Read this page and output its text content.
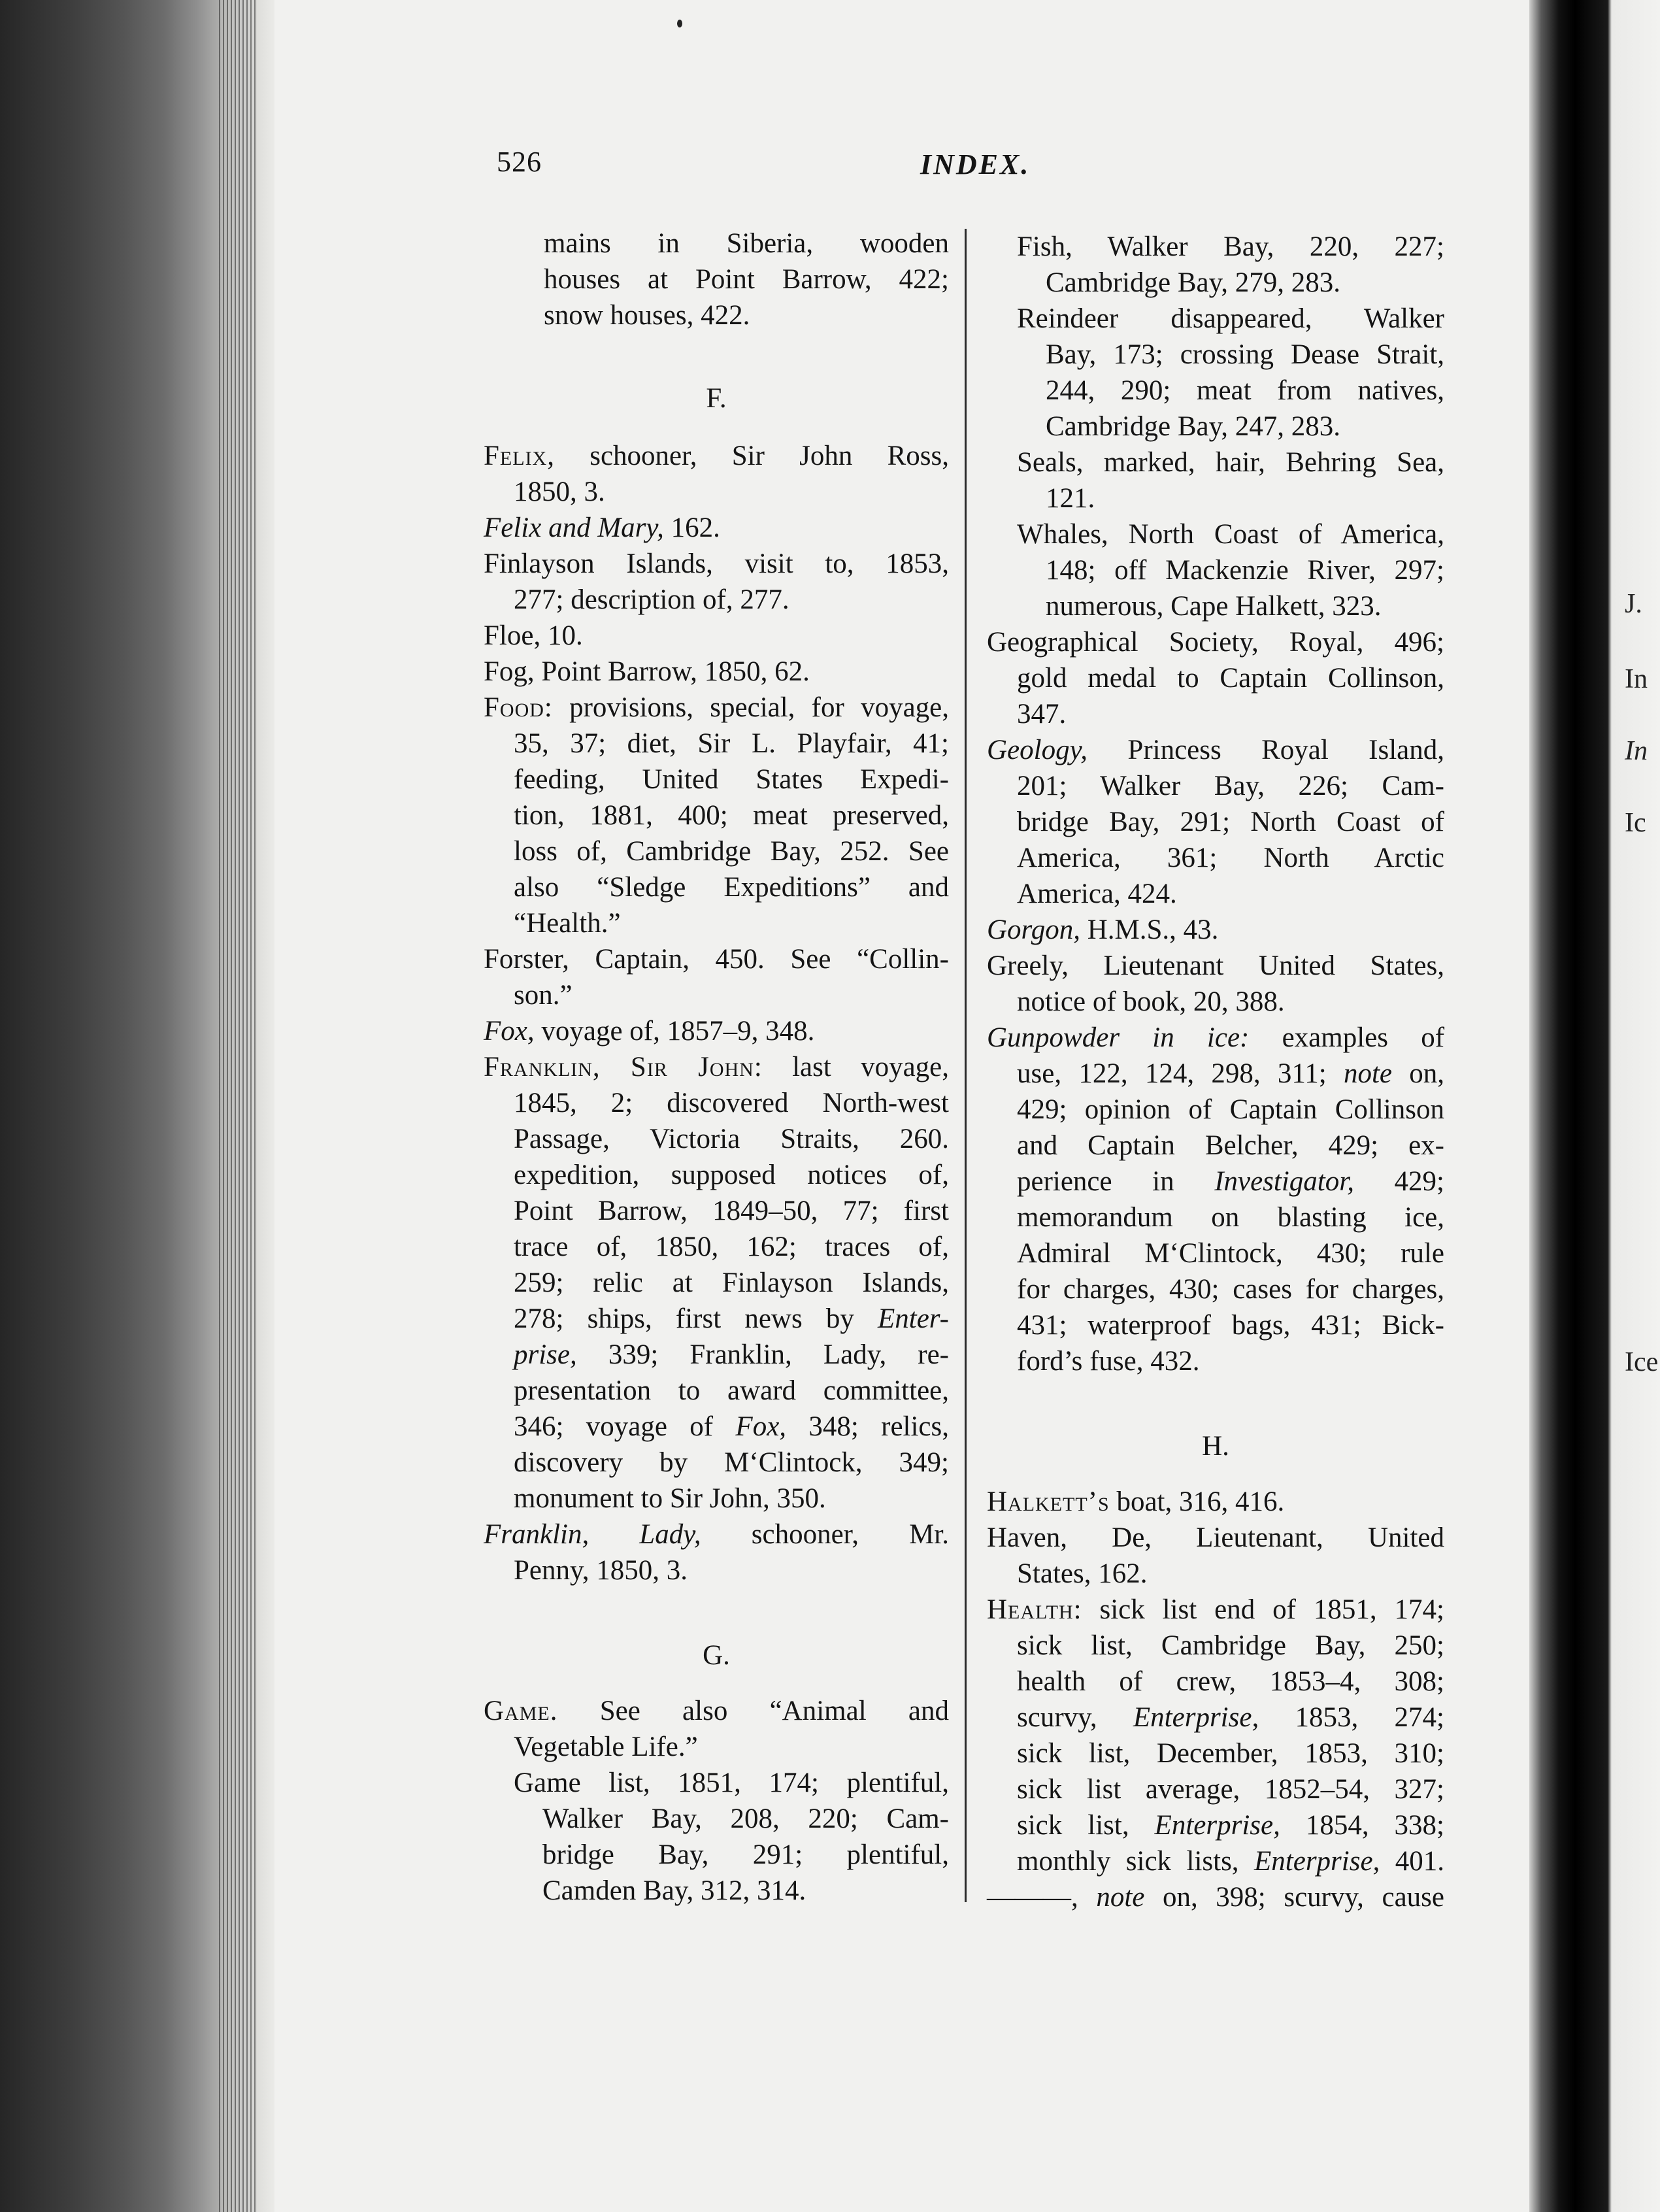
526	INDEX.
mains in Siberia, wooden
houses at Point Barrow, 422;
snow houses, 422.
F.
Felix, schooner, Sir John Ross,
1850, 3.
Felix and Mary, 162.
Finlayson Islands, visit to, 1853,
277; description of, 277.
Floe, 10.
Fog, Point Barrow, 1850, 62.
Food: provisions, special, for voyage,
35, 37; diet, Sir L. Playfair, 41;
feeding, United States Expedi-
tion, 1881, 400; meat preserved,
loss of, Cambridge Bay, 252. See
also “Sledge Expeditions” and
“Health.”
Forster, Captain, 450. See “Collin-
son.”
Fox, voyage of, 1857–9, 348.
Franklin, Sir John: last voyage,
1845, 2; discovered North-west
Passage, Victoria Straits, 260.
expedition, supposed notices of,
Point Barrow, 1849–50, 77; first
trace of, 1850, 162; traces of,
259; relic at Finlayson Islands,
278; ships, first news by Enter-
prise, 339; Franklin, Lady, re-
presentation to award committee,
346; voyage of Fox, 348; relics,
discovery by M‘Clintock, 349;
monument to Sir John, 350.
Franklin, Lady, schooner, Mr.
Penny, 1850, 3.
G.
Game. See also “Animal and
Vegetable Life.”
Game list, 1851, 174; plentiful,
Walker Bay, 208, 220; Cam-
bridge Bay, 291; plentiful,
Camden Bay, 312, 314.
Fish, Walker Bay, 220, 227;
Cambridge Bay, 279, 283.
Reindeer disappeared, Walker
Bay, 173; crossing Dease Strait,
244, 290; meat from natives,
Cambridge Bay, 247, 283.
Seals, marked, hair, Behring Sea,
121.
Whales, North Coast of America,
148; off Mackenzie River, 297;
numerous, Cape Halkett, 323.
Geographical Society, Royal, 496;
gold medal to Captain Collinson,
347.
Geology, Princess Royal Island,
201; Walker Bay, 226; Cam-
bridge Bay, 291; North Coast of
America, 361; North Arctic
America, 424.
Gorgon, H.M.S., 43.
Greely, Lieutenant United States,
notice of book, 20, 388.
Gunpowder in ice: examples of
use, 122, 124, 298, 311; note on,
429; opinion of Captain Collinson
and Captain Belcher, 429; ex-
perience in Investigator, 429;
memorandum on blasting ice,
Admiral M‘Clintock, 430; rule
for charges, 430; cases for charges,
431; waterproof bags, 431; Bick-
ford’s fuse, 432.
H.
Halkett’s boat, 316, 416.
Haven, De, Lieutenant, United
States, 162.
Health: sick list end of 1851, 174;
sick list, Cambridge Bay, 250;
health of crew, 1853–4, 308;
scurvy, Enterprise, 1853, 274;
sick list, December, 1853, 310;
sick list average, 1852–54, 327;
sick list, Enterprise, 1854, 338;
monthly sick lists, Enterprise, 401.
———, note on, 398; scurvy, cause
J.
In
In
Ic
Ice
